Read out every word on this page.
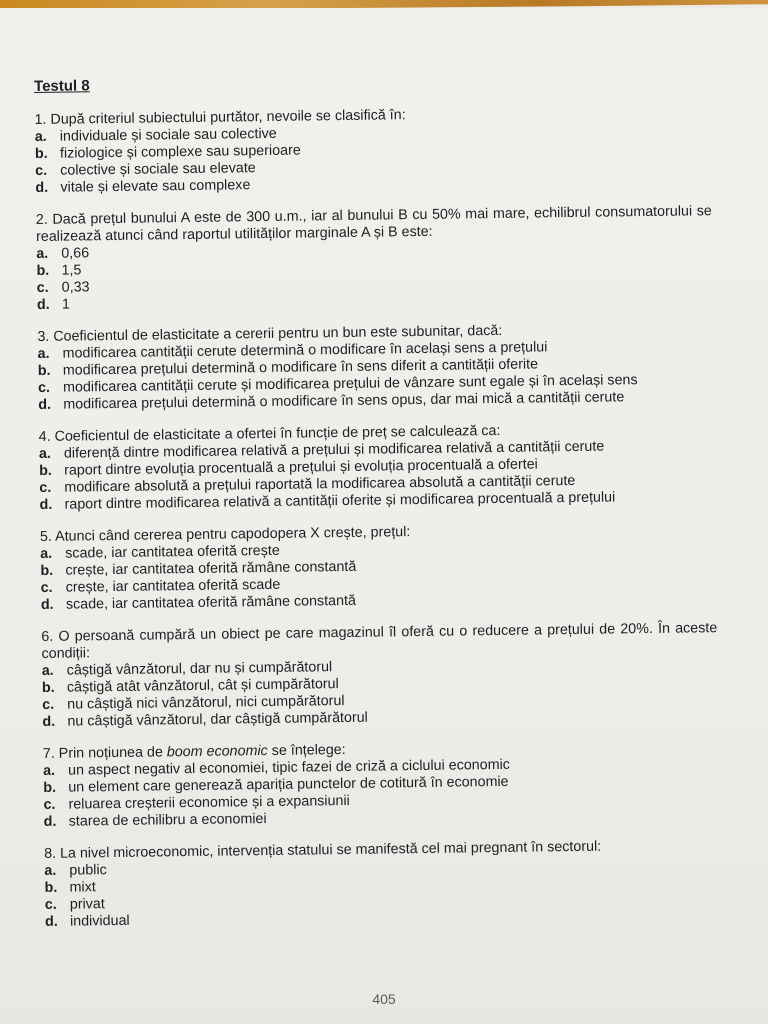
Testul 8
1. După criteriul subiectului purtător, nevoile se clasifică în:
a. individuale și sociale sau colective
b. fiziologice și complexe sau superioare
c. colective și sociale sau elevate
d. vitale și elevate sau complexe
2. Dacă prețul bunului A este de 300 u.m., iar al bunului B cu 50% mai mare, echilibrul consumatorului se realizează atunci când raportul utilităților marginale A și B este:
a. 0,66
b. 1,5
c. 0,33
d. 1
3. Coeficientul de elasticitate a cererii pentru un bun este subunitar, dacă:
a. modificarea cantității cerute determină o modificare în același sens a prețului
b. modificarea prețului determină o modificare în sens diferit a cantității oferite
c. modificarea cantității cerute și modificarea prețului de vânzare sunt egale și în același sens
d. modificarea prețului determină o modificare în sens opus, dar mai mică a cantității cerute
4. Coeficientul de elasticitate a ofertei în funcție de preț se calculează ca:
a. diferență dintre modificarea relativă a prețului și modificarea relativă a cantității cerute
b. raport dintre evoluția procentuală a prețului și evoluția procentuală a ofertei
c. modificare absolută a prețului raportată la modificarea absolută a cantității cerute
d. raport dintre modificarea relativă a cantității oferite și modificarea procentuală a prețului
5. Atunci când cererea pentru capodopera X crește, prețul:
a. scade, iar cantitatea oferită crește
b. crește, iar cantitatea oferită rămâne constantă
c. crește, iar cantitatea oferită scade
d. scade, iar cantitatea oferită rămâne constantă
6. O persoană cumpără un obiect pe care magazinul îl oferă cu o reducere a prețului de 20%. În aceste condiții:
a. câștigă vânzătorul, dar nu și cumpărătorul
b. câștigă atât vânzătorul, cât și cumpărătorul
c. nu câștigă nici vânzătorul, nici cumpărătorul
d. nu câștigă vânzătorul, dar câștigă cumpărătorul
7. Prin noțiunea de boom economic se înțelege:
a. un aspect negativ al economiei, tipic fazei de criză a ciclului economic
b. un element care generează apariția punctelor de cotitură în economie
c. reluarea creșterii economice și a expansiunii
d. starea de echilibru a economiei
8. La nivel microeconomic, intervenția statului se manifestă cel mai pregnant în sectorul:
a. public
b. mixt
c. privat
d. individual
405
